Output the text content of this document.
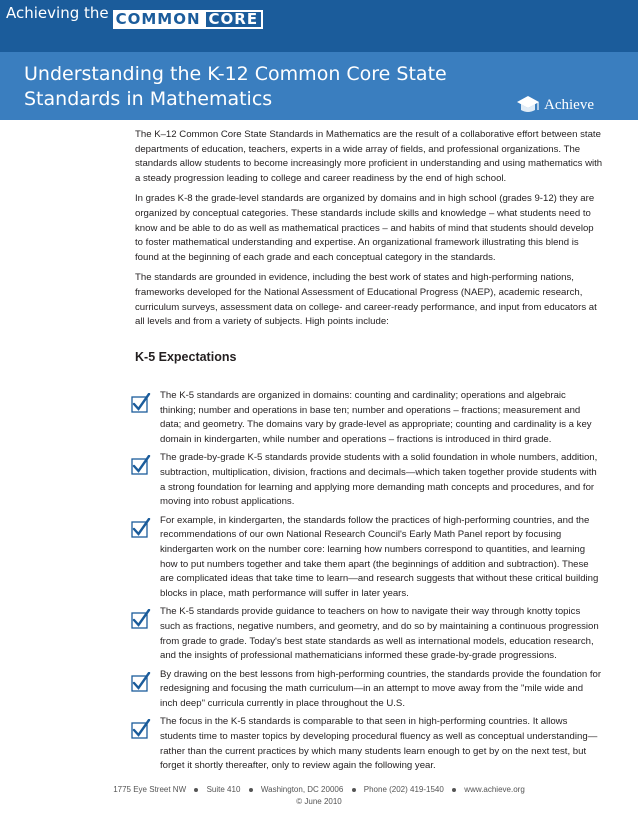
Achieving the COMMON CORE
Understanding the K-12 Common Core State
Standards in Mathematics	Achieve

The K–12 Common Core State Standards in Mathematics are the result of a collaborative effort between state departments of education, teachers, experts in a wide array of fields, and professional organizations. The standards allow students to become increasingly more proficient in understanding and using mathematics with a steady progression leading to college and career readiness by the end of high school.

In grades K-8 the grade-level standards are organized by domains and in high school (grades 9-12) they are organized by conceptual categories. These standards include skills and knowledge – what students need to know and be able to do as well as mathematical practices – and habits of mind that students should develop to foster mathematical understanding and expertise. An organizational framework illustrating this blend is found at the beginning of each grade and each conceptual category in the standards.

The standards are grounded in evidence, including the best work of states and high-performing nations, frameworks developed for the National Assessment of Educational Progress (NAEP), academic research, curriculum surveys, assessment data on college- and career-ready performance, and input from educators at all levels and from a variety of subjects. High points include:

K-5 Expectations
The K-5 standards are organized in domains: counting and cardinality; operations and algebraic thinking; number and operations in base ten; number and operations – fractions; measurement and data; and geometry. The domains vary by grade-level as appropriate; counting and cardinality is a key domain in kindergarten, while number and operations – fractions is introduced in third grade.
The grade-by-grade K-5 standards provide students with a solid foundation in whole numbers, addition, subtraction, multiplication, division, fractions and decimals—which taken together provide students with a strong foundation for learning and applying more demanding math concepts and procedures, and for moving into robust applications.
For example, in kindergarten, the standards follow the practices of high-performing countries, and the recommendations of our own National Research Council's Early Math Panel report by focusing kindergarten work on the number core: learning how numbers correspond to quantities, and learning how to put numbers together and take them apart (the beginnings of addition and subtraction). These are complicated ideas that take time to learn—and research suggests that without these critical building blocks in place, math performance will suffer in later years.
The K-5 standards provide guidance to teachers on how to navigate their way through knotty topics such as fractions, negative numbers, and geometry, and do so by maintaining a continuous progression from grade to grade. Today's best state standards as well as international models, education research, and the insights of professional mathematicians informed these grade-by-grade progressions.
By drawing on the best lessons from high-performing countries, the standards provide the foundation for redesigning and focusing the math curriculum—in an attempt to move away from the "mile wide and inch deep" curricula currently in place throughout the U.S.
The focus in the K-5 standards is comparable to that seen in high-performing countries. It allows students time to master topics by developing procedural fluency as well as conceptual understanding—rather than the current practices by which many students learn enough to get by on the next test, but forget it shortly thereafter, only to review again the following year.
1775 Eye Street NW	Suite 410	Washington, DC 20006	Phone (202) 419-1540	www.achieve.org
© June 2010
